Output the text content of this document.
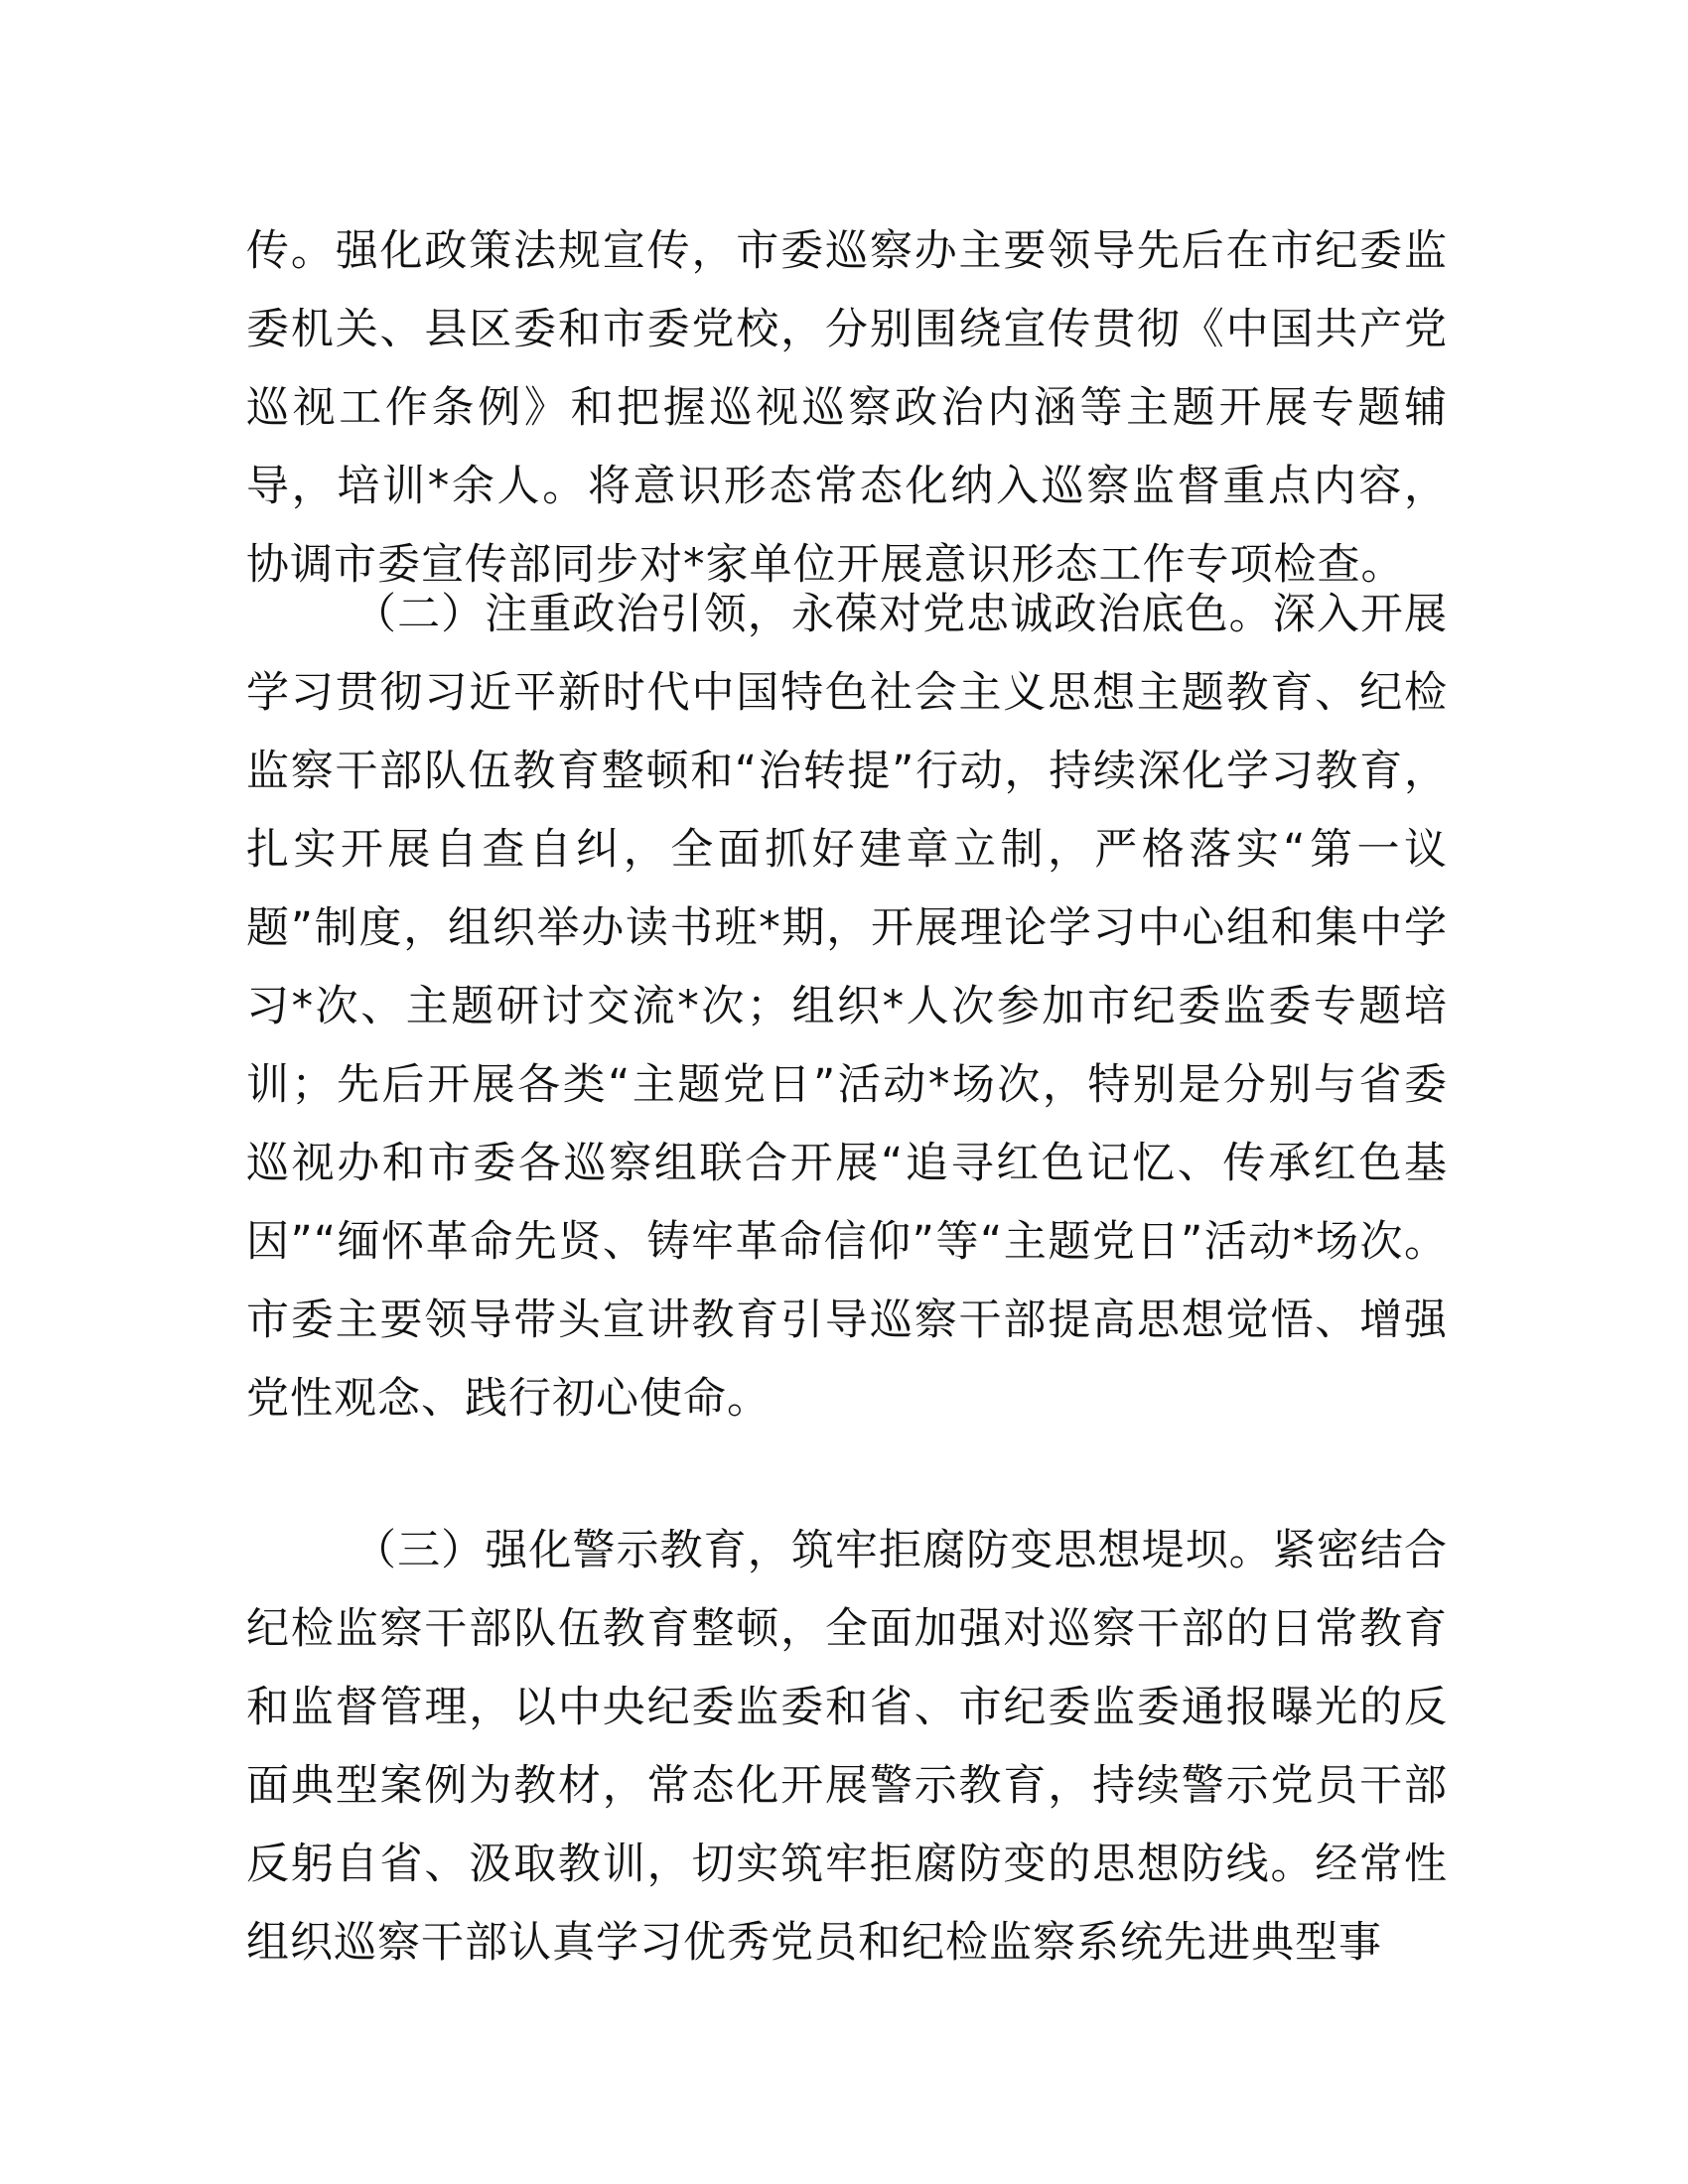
传。强化政策法规宣传，市委巡察办主要领导先后在市纪委监委机关、县区委和市委党校，分别围绕宣传贯彻《中国共产党巡视工作条例》和把握巡视巡察政治内涵等主题开展专题辅导，培训*余人。将意识形态常态化纳入巡察监督重点内容，协调市委宣传部同步对*家单位开展意识形态工作专项检查。

（二）注重政治引领，永葆对党忠诚政治底色。深入开展学习贯彻习近平新时代中国特色社会主义思想主题教育、纪检监察干部队伍教育整顿和“治转提”行动，持续深化学习教育，扎实开展自查自纠，全面抓好建章立制，严格落实“第一议题”制度，组织举办读书班*期，开展理论学习中心组和集中学习*次、主题研讨交流*次；组织*人次参加市纪委监委专题培训；先后开展各类“主题党日”活动*场次，特别是分别与省委巡视办和市委各巡察组联合开展“追寻红色记忆、传承红色基因”“缅怀革命先贤、铸牢革命信仰”等“主题党日”活动*场次。市委主要领导带头宣讲教育引导巡察干部提高思想觉悟、增强党性观念、践行初心使命。

（三）强化警示教育，筑牢拒腐防变思想堤坝。紧密结合纪检监察干部队伍教育整顿，全面加强对巡察干部的日常教育和监督管理，以中央纪委监委和省、市纪委监委通报曝光的反面典型案例为教材，常态化开展警示教育，持续警示党员干部反躬自省、汲取教训，切实筑牢拒腐防变的思想防线。经常性组织巡察干部认真学习优秀党员和纪检监察系统先进典型事
